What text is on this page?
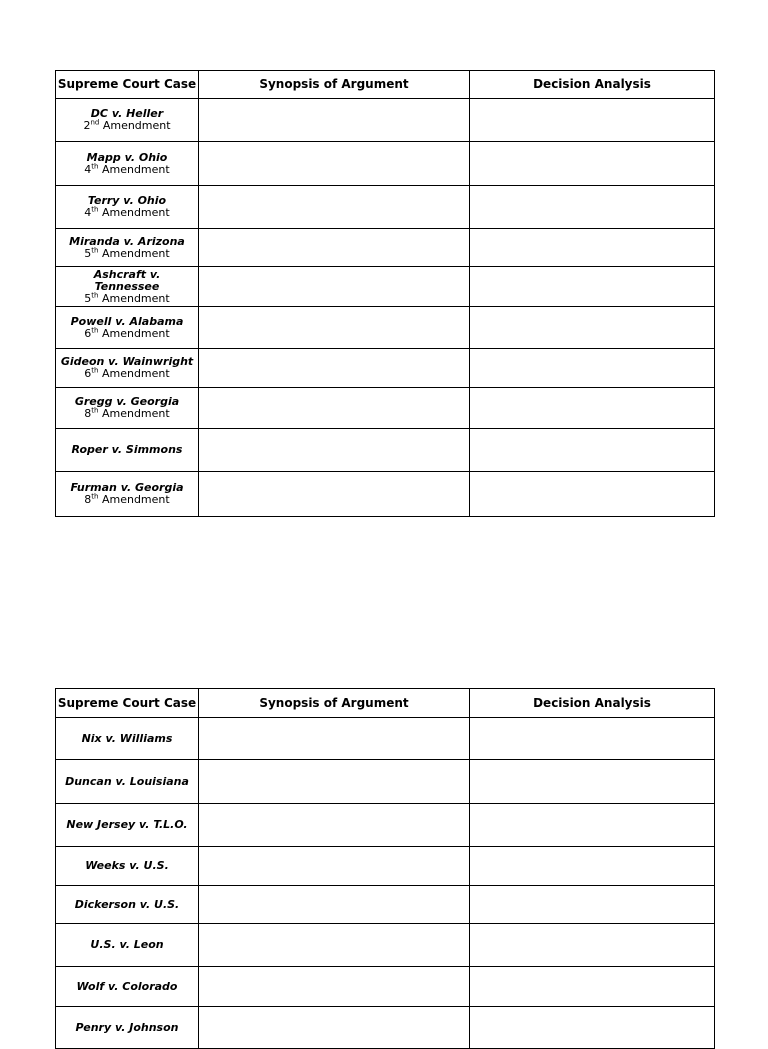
Supreme Court Case	Synopsis of Argument	Decision Analysis

DC v. Heller
2nd Amendment		

Mapp v. Ohio
4th Amendment		

Terry v. Ohio
4th Amendment		

Miranda v. Arizona
5th Amendment		

Ashcraft v. Tennessee
5th Amendment		

Powell v. Alabama
6th Amendment		

Gideon v. Wainwright
6th Amendment		

Gregg v. Georgia
8th Amendment		

Roper v. Simmons		

Furman v. Georgia
8th Amendment		

Supreme Court Case	Synopsis of Argument	Decision Analysis

Nix v. Williams		

Duncan v. Louisiana		

New Jersey v. T.L.O.		

Weeks v. U.S.		

Dickerson v. U.S.		

U.S. v. Leon		

Wolf v. Colorado		

Penry v. Johnson		
